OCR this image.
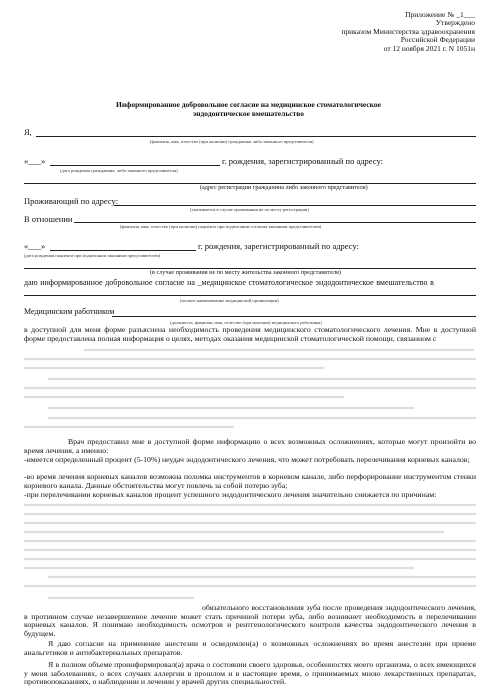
Приложение № _1___
Утверждено
приказом Министерства здравоохранения
Российской Федерации
от 12 ноября 2021 г. N 1051н
Информированное добровольное согласие на медицинское стоматологическое
эндодонтическое вмешательство
Я,
(фамилия, имя, отчество (при наличии) гражданина либо законного представителя)
«___»	г. рождения, зарегистрированный по адресу:
(дата рождения гражданина, либо законного представителя)
(адрес регистрации гражданина либо законного представителя)
Проживающий по адресу:
(указывается в случае проживания не по месту регистрации)
В отношении
(фамилия, имя, отчество (при наличии) пациента при подписании согласия законным представителем)
«___»	г. рождения, зарегистрированный по адресу:
(дата рождения пациента при подписании законным представителем)
(в случае проживания не по месту жительства законного представителя)
даю информированное добровольное согласие на _медицинское стоматологическое эндодонтическое вмешательство в
(полное наименование медицинской организации)
Медицинским работником
(должность, фамилия, имя, отчество (при наличии) медицинского работника)
в доступной для меня форме разъяснена необходимость проведения медицинского стоматологического лечения. Мне в доступной форме предоставлена полная информация о целях, методах оказания медицинской стоматологической помощи, связанном с
Врач предоставил мне в доступной форме информацию о всех возможных осложнениях, которые могут произойти во время лечения, а именно:
-имеется определенный процент (5-10%) неудач эндодонтического лечения, что может потребовать перелечивания корневых каналов;
-во время лечения корневых каналов возможна поломка инструментов в корневом канале, либо перфорирование инструментом стенки корневого канала. Данные обстоятельства могут повлечь за собой потерю зуба;
-при перелечивании корневых каналов процент успешного эндодонтического лечения значительно снижается по причинам:
обязательного восстановления зуба после проведения эндодонтического лечения, в противном случае незавершенное лечение может стать причиной потери зуба, либо возникнет необходимость в перелечивании корневых каналов. Я понимаю необходимость осмотров и рентгенологического контроля качества эндодонтического лечения в будущем.
Я даю согласие на применение анестезии и осведомлен(а) о возможных осложнениях во время анестезии при приеме анальгетиков и антибактериальных препаратов.
Я в полном объеме проинформировал(а) врача о состоянии своего здоровья, особенностях моего организма, о всех имеющихся у меня заболеваниях, о всех случаях аллергии в прошлом и в настоящее время, о принимаемых мною лекарственных препаратах, противопоказаниях, о наблюдении и лечении у врачей других специальностей.
